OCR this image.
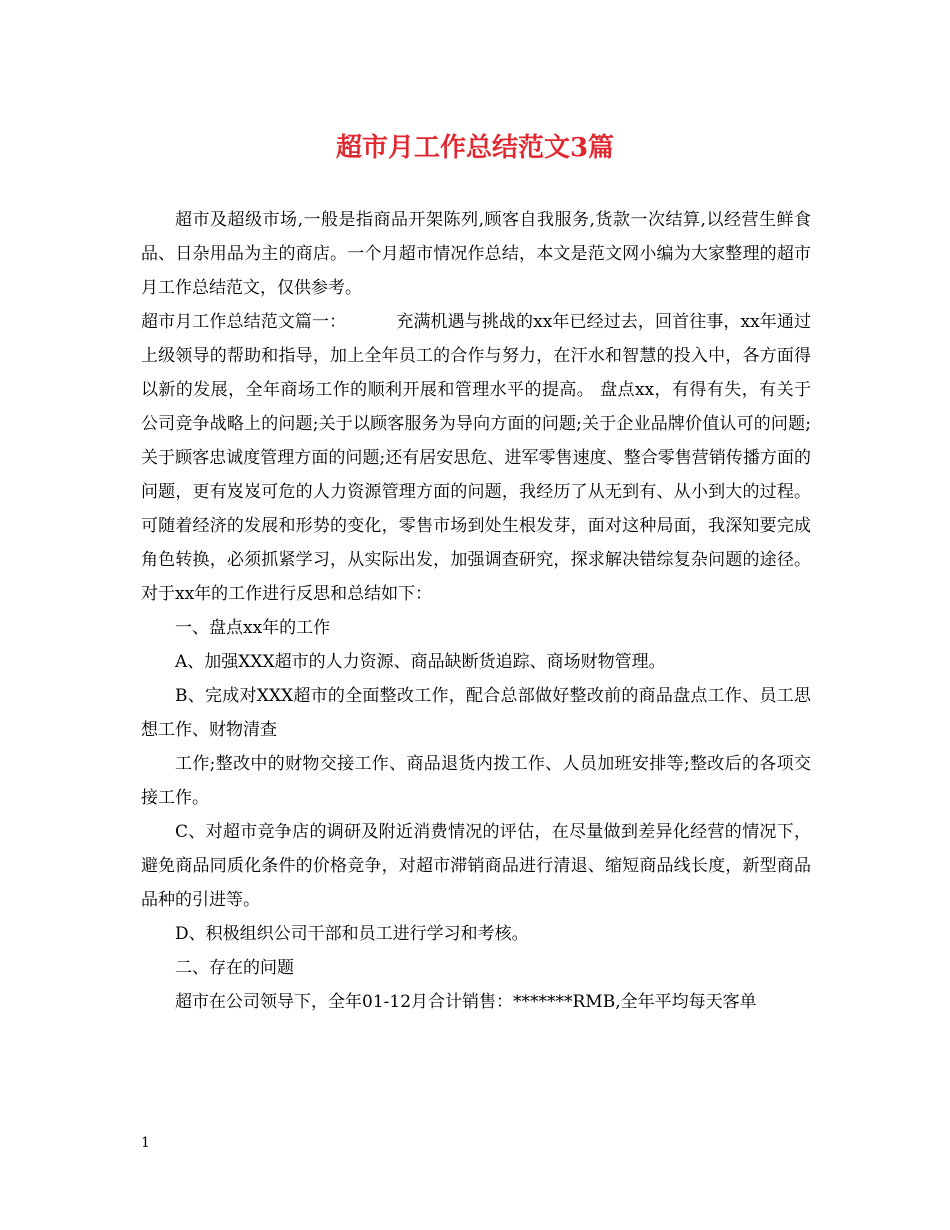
超市月工作总结范文3篇

超市及超级市场,一般是指商品开架陈列,顾客自我服务,货款一次结算,以经营生鲜食品、日杂用品为主的商店。一个月超市情况作总结，本文是范文网小编为大家整理的超市月工作总结范文，仅供参考。

超市月工作总结范文篇一：	充满机遇与挑战的xx年已经过去，回首往事，xx年通过上级领导的帮助和指导，加上全年员工的合作与努力，在汗水和智慧的投入中，各方面得以新的发展，全年商场工作的顺利开展和管理水平的提高。 盘点xx，有得有失，有关于公司竞争战略上的问题;关于以顾客服务为导向方面的问题;关于企业品牌价值认可的问题;关于顾客忠诚度管理方面的问题;还有居安思危、进军零售速度、整合零售营销传播方面的问题，更有岌岌可危的人力资源管理方面的问题，我经历了从无到有、从小到大的过程。可随着经济的发展和形势的变化，零售市场到处生根发芽，面对这种局面，我深知要完成角色转换，必须抓紧学习，从实际出发，加强调查研究，探求解决错综复杂问题的途径。对于xx年的工作进行反思和总结如下：

一、盘点xx年的工作

A、加强XXX超市的人力资源、商品缺断货追踪、商场财物管理。

B、完成对XXX超市的全面整改工作，配合总部做好整改前的商品盘点工作、员工思想工作、财物清查

工作;整改中的财物交接工作、商品退货内拨工作、人员加班安排等;整改后的各项交接工作。

C、对超市竞争店的调研及附近消费情况的评估，在尽量做到差异化经营的情况下，避免商品同质化条件的价格竞争，对超市滞销商品进行清退、缩短商品线长度，新型商品品种的引进等。

D、积极组织公司干部和员工进行学习和考核。

二、存在的问题

超市在公司领导下，全年01-12月合计销售：*******RMB,全年平均每天客单

1
